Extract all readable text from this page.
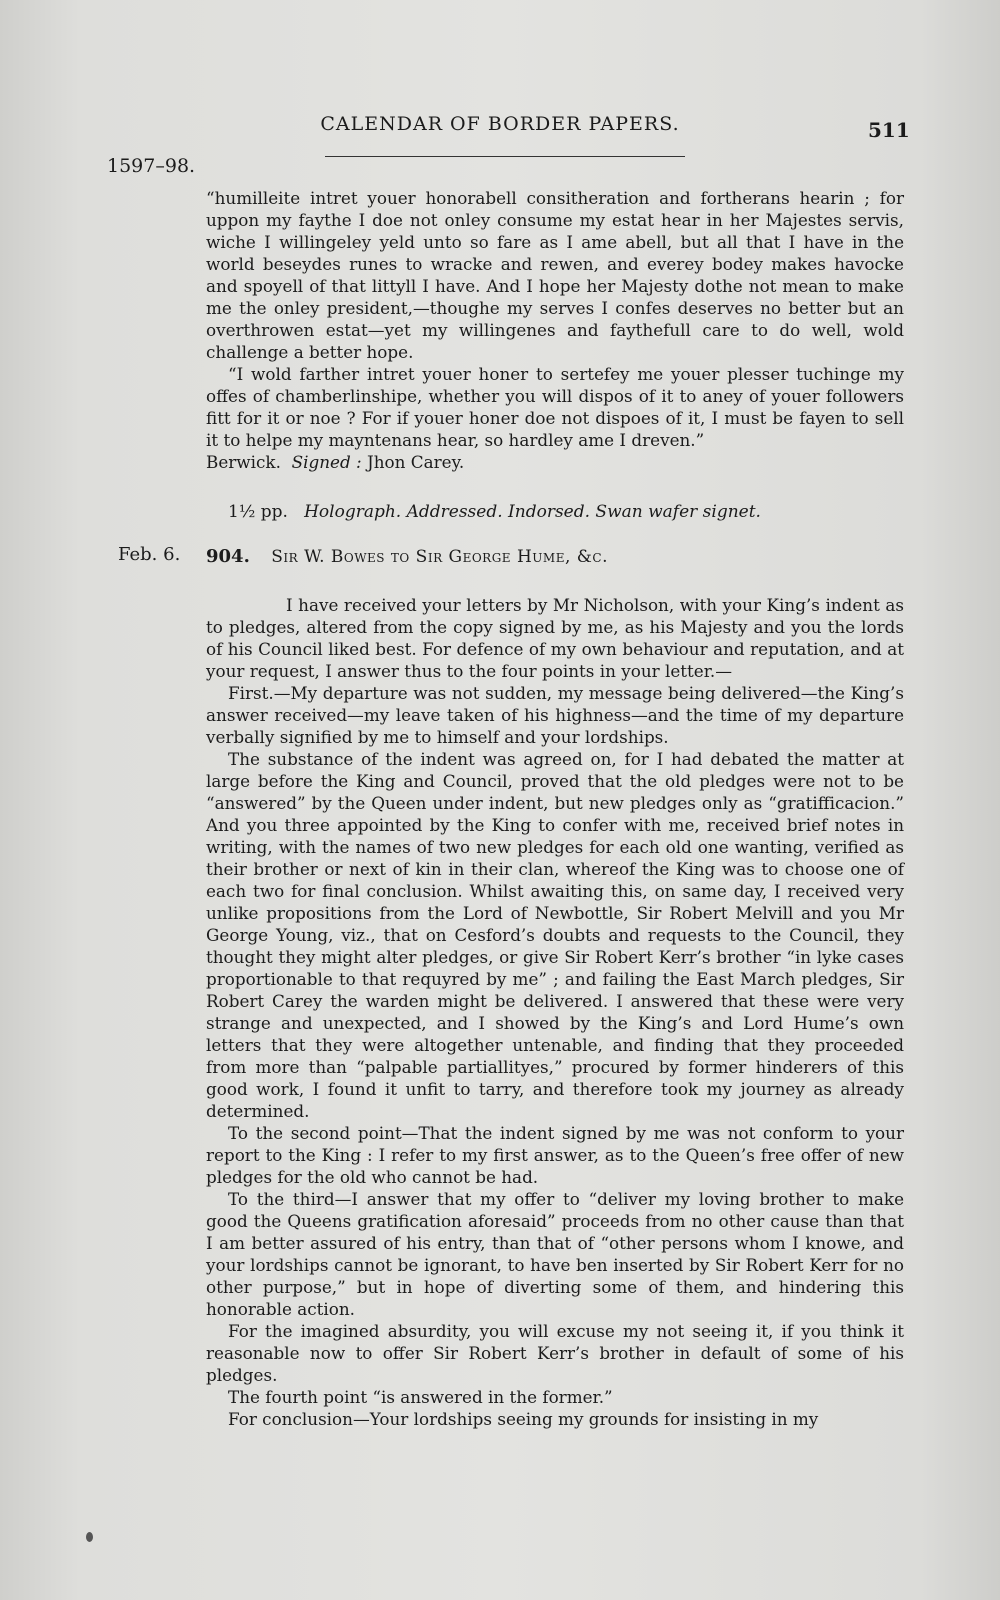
CALENDAR OF BORDER PAPERS.	511
1597–98.

“humilleite intret youer honorabell consitheration and fortherans hearin ; for uppon my faythe I doe not onley consume my estat hear in her Majestes servis, wiche I willingeley yeld unto so fare as I ame abell, but all that I have in the world beseydes runes to wracke and rewen, and everey bodey makes havocke and spoyell of that littyll I have. And I hope her Majesty dothe not mean to make me the onley president,—thoughe my serves I confes deserves no better but an overthrowen estat—yet my willingenes and faythefull care to do well, wold challenge a better hope.

“I wold farther intret youer honer to sertefey me youer plesser tuchinge my offes of chamberlinshipe, whether you will dispos of it to aney of youer followers fitt for it or noe ? For if youer honer doe not dispoes of it, I must be fayen to sell it to helpe my mayntenans hear, so hardley ame I dreven.”

Berwick. Signed : Jhon Carey.

1½ pp. Holograph. Addressed. Indorsed. Swan wafer signet.
Feb. 6. 904. Sir W. Bowes to Sir George Hume, &c.

I have received your letters by Mr Nicholson, with your King’s indent as to pledges, altered from the copy signed by me, as his Majesty and you the lords of his Council liked best. For defence of my own behaviour and reputation, and at your request, I answer thus to the four points in your letter.—

First.—My departure was not sudden, my message being delivered—the King’s answer received—my leave taken of his highness—and the time of my departure verbally signified by me to himself and your lordships.

The substance of the indent was agreed on, for I had debated the matter at large before the King and Council, proved that the old pledges were not to be “answered” by the Queen under indent, but new pledges only as “gratifficacion.” And you three appointed by the King to confer with me, received brief notes in writing, with the names of two new pledges for each old one wanting, verified as their brother or next of kin in their clan, whereof the King was to choose one of each two for final conclusion. Whilst awaiting this, on same day, I received very unlike propositions from the Lord of Newbottle, Sir Robert Melvill and you Mr George Young, viz., that on Cesford’s doubts and requests to the Council, they thought they might alter pledges, or give Sir Robert Kerr’s brother “in lyke cases proportionable to that requyred by me” ; and failing the East March pledges, Sir Robert Carey the warden might be delivered. I answered that these were very strange and unexpected, and I showed by the King’s and Lord Hume’s own letters that they were altogether untenable, and finding that they proceeded from more than “palpable partiallityes,” procured by former hinderers of this good work, I found it unfit to tarry, and therefore took my journey as already determined.

To the second point—That the indent signed by me was not conform to your report to the King : I refer to my first answer, as to the Queen’s free offer of new pledges for the old who cannot be had.

To the third—I answer that my offer to “deliver my loving brother to make good the Queens gratification aforesaid” proceeds from no other cause than that I am better assured of his entry, than that of “other persons whom I knowe, and your lordships cannot be ignorant, to have ben inserted by Sir Robert Kerr for no other purpose,” but in hope of diverting some of them, and hindering this honorable action.

For the imagined absurdity, you will excuse my not seeing it, if you think it reasonable now to offer Sir Robert Kerr’s brother in default of some of his pledges.

The fourth point “is answered in the former.”

For conclusion—Your lordships seeing my grounds for insisting in my
